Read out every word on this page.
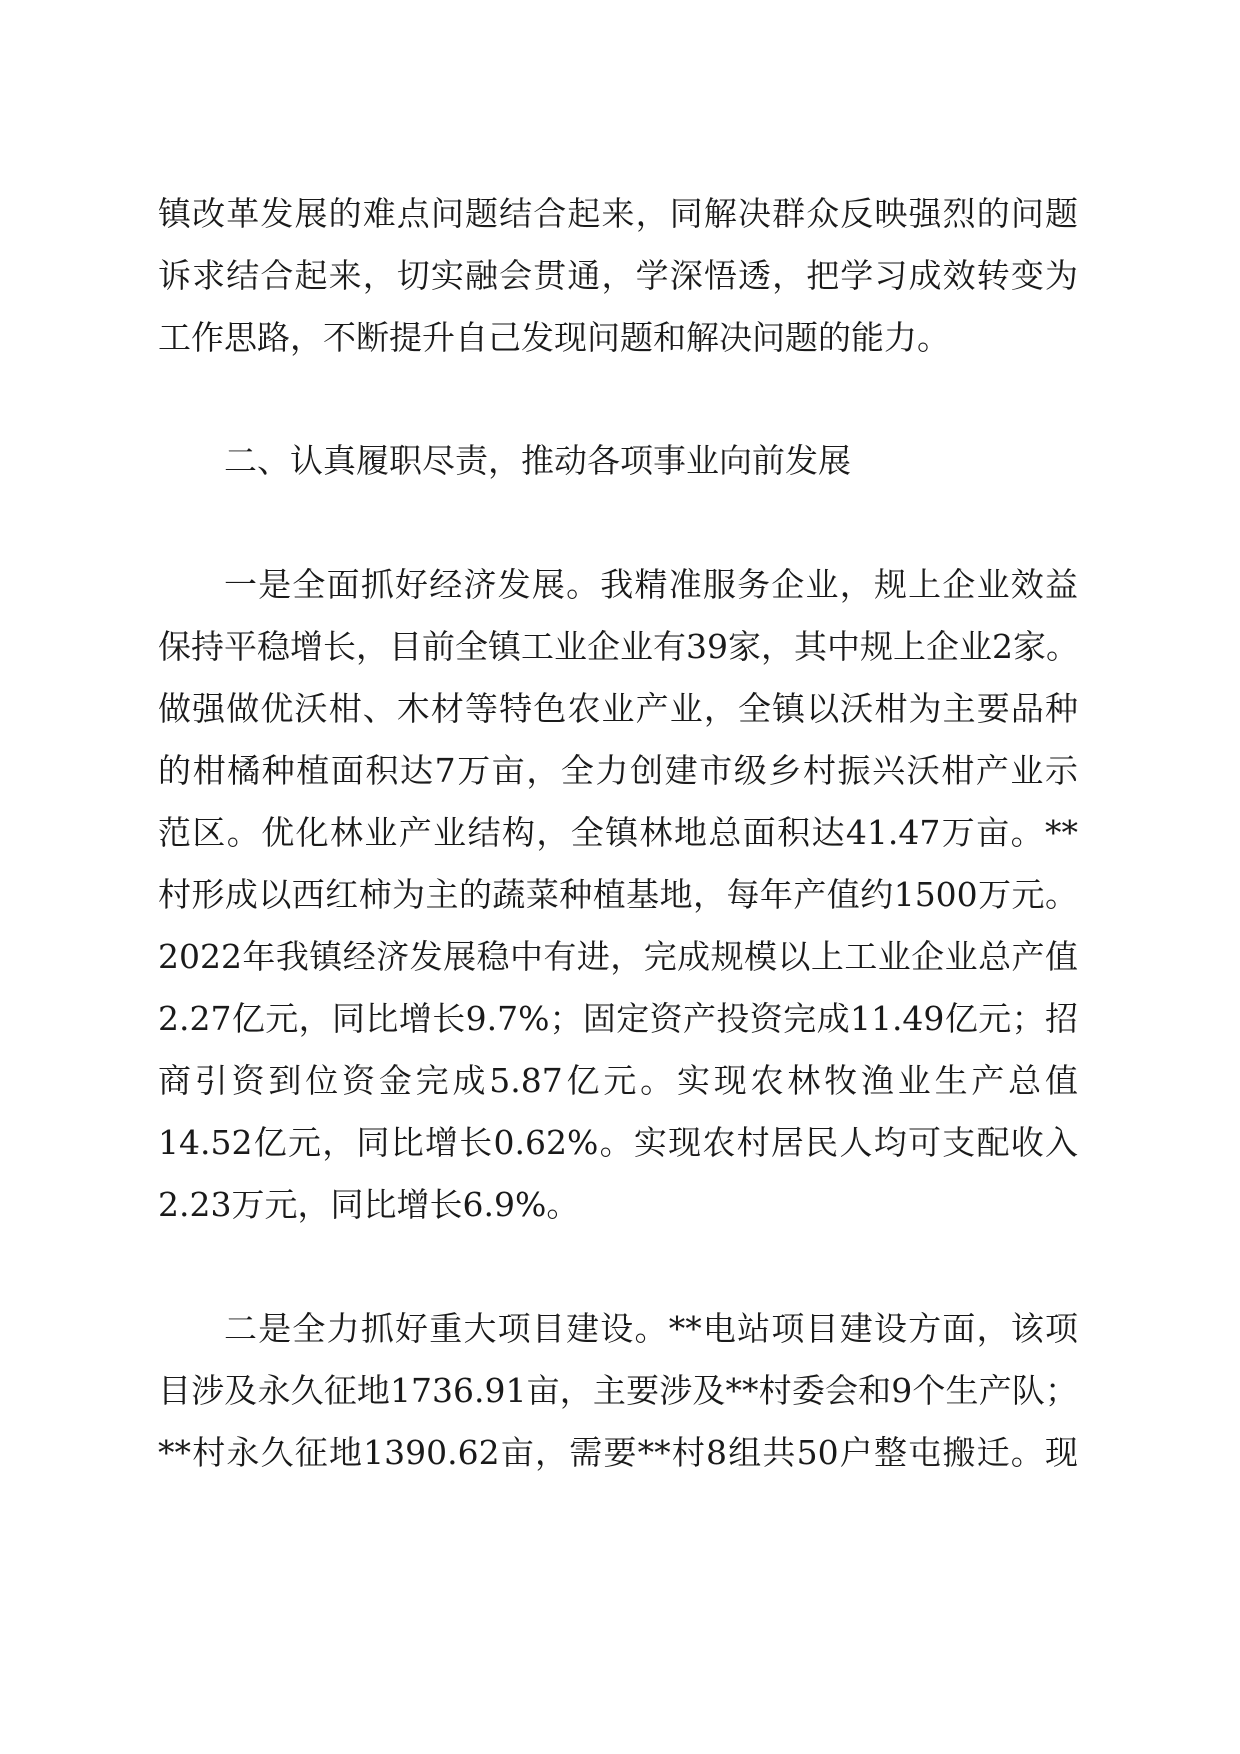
镇改革发展的难点问题结合起来，同解决群众反映强烈的问题
诉求结合起来，切实融会贯通，学深悟透，把学习成效转变为
工作思路，不断提升自己发现问题和解决问题的能力。
二、认真履职尽责，推动各项事业向前发展
一是全面抓好经济发展。我精准服务企业，规上企业效益
保持平稳增长，目前全镇工业企业有39家，其中规上企业2家。
做强做优沃柑、木材等特色农业产业，全镇以沃柑为主要品种
的柑橘种植面积达7万亩，全力创建市级乡村振兴沃柑产业示
范区。优化林业产业结构，全镇林地总面积达41.47万亩。**
村形成以西红柿为主的蔬菜种植基地，每年产值约1500万元。
2022年我镇经济发展稳中有进，完成规模以上工业企业总产值
2.27亿元，同比增长9.7%；固定资产投资完成11.49亿元；招
商引资到位资金完成5.87亿元。实现农林牧渔业生产总值
14.52亿元，同比增长0.62%。实现农村居民人均可支配收入
2.23万元，同比增长6.9%。
二是全力抓好重大项目建设。**电站项目建设方面，该项
目涉及永久征地1736.91亩，主要涉及**村委会和9个生产队；
**村永久征地1390.62亩，需要**村8组共50户整屯搬迁。现
